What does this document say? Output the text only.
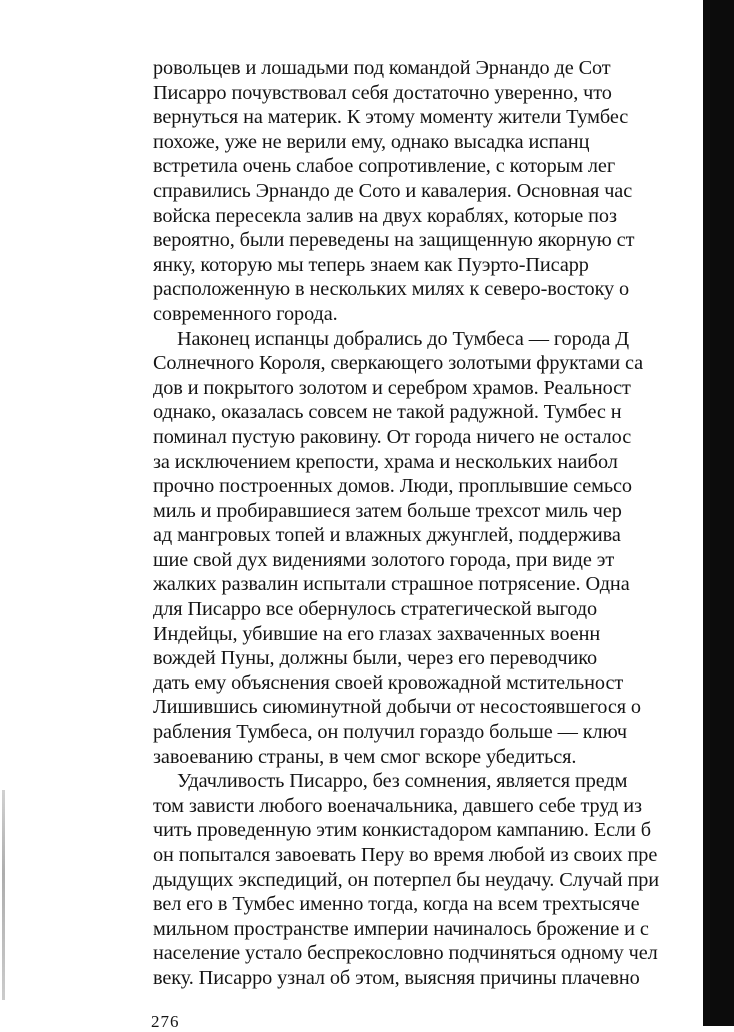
ровольцев и лошадьми под командой Эрнандо де Сот
Писарро почувствовал себя достаточно уверенно, что
вернуться на материк. К этому моменту жители Тумбес
похоже, уже не верили ему, однако высадка испанц
встретила очень слабое сопротивление, с которым лег
справились Эрнандо де Сото и кавалерия. Основная час
войска пересекла залив на двух кораблях, которые поз
вероятно, были переведены на защищенную якорную ст
янку, которую мы теперь знаем как Пуэрто-Писарр
расположенную в нескольких милях к северо-востоку о
современного города.
Наконец испанцы добрались до Тумбеса — города Д
Солнечного Короля, сверкающего золотыми фруктами са
дов и покрытого золотом и серебром храмов. Реальност
однако, оказалась совсем не такой радужной. Тумбес н
поминал пустую раковину. От города ничего не осталос
за исключением крепости, храма и нескольких наибол
прочно построенных домов. Люди, проплывшие семьсо
миль и пробиравшиеся затем больше трехсот миль чер
ад мангровых топей и влажных джунглей, поддержива
шие свой дух видениями золотого города, при виде эт
жалких развалин испытали страшное потрясение. Одна
для Писарро все обернулось стратегической выгодо
Индейцы, убившие на его глазах захваченных военн
вождей Пуны, должны были, через его переводчико
дать ему объяснения своей кровожадной мстительност
Лишившись сиюминутной добычи от несостоявшегося о
рабления Тумбеса, он получил гораздо больше — ключ
завоеванию страны, в чем смог вскоре убедиться.
Удачливость Писарро, без сомнения, является предм
том зависти любого военачальника, давшего себе труд из
чить проведенную этим конкистадором кампанию. Если б
он попытался завоевать Перу во время любой из своих пре
дыдущих экспедиций, он потерпел бы неудачу. Случай при
вел его в Тумбес именно тогда, когда на всем трехтысяче
мильном пространстве империи начиналось брожение и с
население устало беспрекословно подчиняться одному чел
веку. Писарро узнал об этом, выясняя причины плачевно
276
